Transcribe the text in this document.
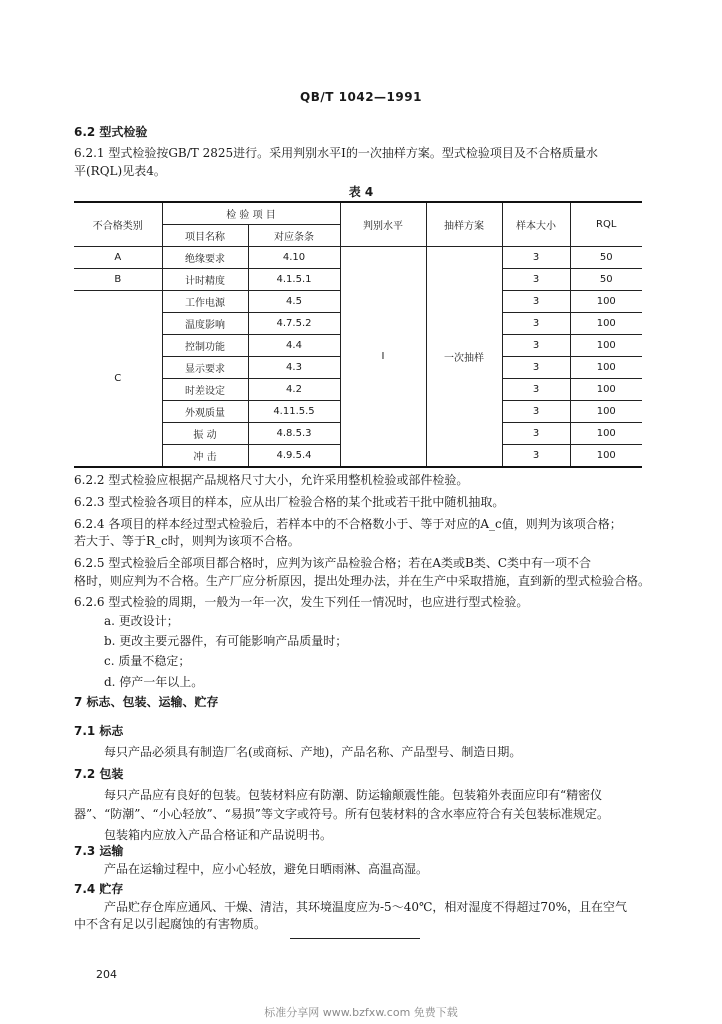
QB/T 1042—1991
6.2 型式检验
6.2.1 型式检验按GB/T 2825进行。采用判别水平Ⅰ的一次抽样方案。型式检验项目及不合格质量水
平(RQL)见表4。
表 4
不合格类别	检 验 项 目		判别水平	抽样方案	样本大小	RQL
	项目名称	对应条条				
A	绝缘要求	4.10	Ⅰ	一次抽样	3	50
B	计时精度	4.1.5.1			3	50
C	工作电源	4.5			3	100
	温度影响	4.7.5.2			3	100
	控制功能	4.4			3	100
	显示要求	4.3			3	100
	时差设定	4.2			3	100
	外观质量	4.11.5.5			3	100
	振 动	4.8.5.3			3	100
	冲 击	4.9.5.4			3	100
6.2.2 型式检验应根据产品规格尺寸大小，允许采用整机检验或部件检验。
6.2.3 型式检验各项目的样本，应从出厂检验合格的某个批或若干批中随机抽取。
6.2.4 各项目的样本经过型式检验后，若样本中的不合格数小于、等于对应的A_c值，则判为该项合格；
若大于、等于R_c时，则判为该项不合格。
6.2.5 型式检验后全部项目都合格时，应判为该产品检验合格；若在A类或B类、C类中有一项不合
格时，则应判为不合格。生产厂应分析原因，提出处理办法，并在生产中采取措施，直到新的型式检验合格。
6.2.6 型式检验的周期，一般为一年一次，发生下列任一情况时，也应进行型式检验。
a. 更改设计；
b. 更改主要元器件，有可能影响产品质量时；
c. 质量不稳定；
d. 停产一年以上。
7 标志、包装、运输、贮存
7.1 标志
每只产品必须具有制造厂名(或商标、产地)，产品名称、产品型号、制造日期。
7.2 包装
每只产品应有良好的包装。包装材料应有防潮、防运输颠震性能。包装箱外表面应印有“精密仪
器”、“防潮”、“小心轻放”、“易损”等文字或符号。所有包装材料的含水率应符合有关包装标准规定。
包装箱内应放入产品合格证和产品说明书。
7.3 运输
产品在运输过程中，应小心轻放，避免日晒雨淋、高温高湿。
7.4 贮存
产品贮存仓库应通风、干燥、清洁，其环境温度应为-5～40℃，相对湿度不得超过70%，且在空气
中不含有足以引起腐蚀的有害物质。
204
标准分享网 www.bzfxw.com 免费下载
